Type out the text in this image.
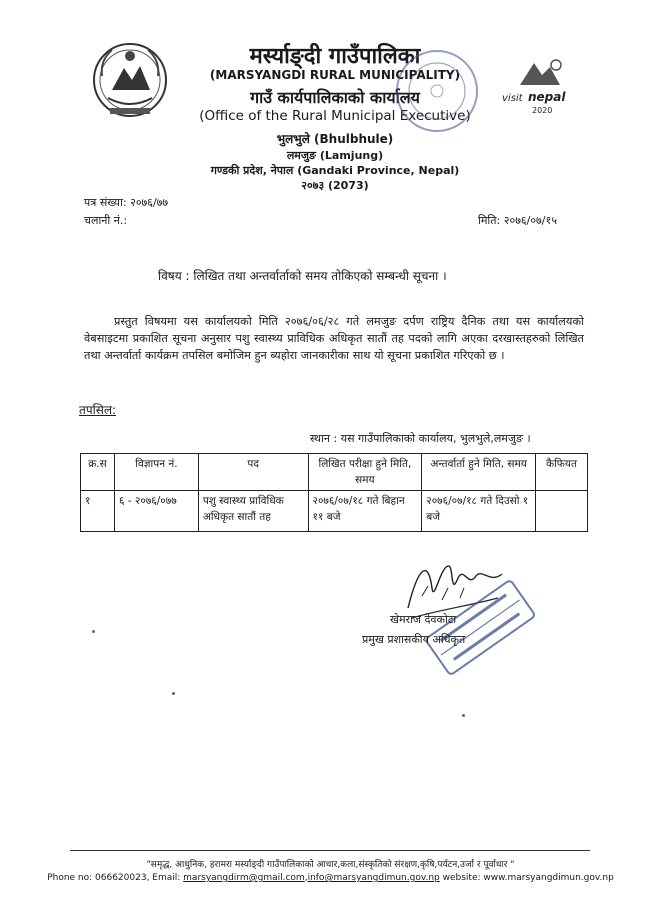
मर्स्याङ्दी गाउँपालिका
(MARSYANGDI RURAL MUNICIPALITY)
गाउँ कार्यपालिकाको कार्यालय
(Office of the Rural Municipal Executive)
भुलभुले (Bhulbhule)
लमजुङ (Lamjung)
गण्डकी प्रदेश, नेपाल (Gandaki Province, Nepal)
२०७३ (2073)
visit nepal
2020
पत्र संख्या: २०७६/७७
चलानी नं.:	मिति: २०७६/०७/१५
विषय : लिखित तथा अन्तर्वार्ताको समय तोकिएको सम्बन्धी सूचना ।
प्रस्तुत विषयमा यस कार्यालयको मिति २०७६/०६/२८ गते लमजुङ दर्पण राष्ट्रिय दैनिक तथा यस कार्यालयको वेबसाइटमा प्रकाशित सूचना अनुसार पशु स्वास्थ्य प्राविधिक अधिकृत सातौं तह पदको लागि अएका दरखास्तहरुको लिखित तथा अन्तर्वार्ता कार्यक्रम तपसिल बमोजिम हुन ब्यहोरा जानकारीका साथ यो सूचना प्रकाशित गरिएको छ ।
तपसिल:
स्थान : यस गाउँपालिकाको कार्यालय, भुलभुले,लमजुङ ।
क्र.स	विज्ञापन नं.	पद	लिखित परीक्षा हुने मिति, समय	अन्तर्वार्ता हुने मिति, समय	कैफियत
१	६ - २०७६/०७७	पशु स्वास्थ्य प्राविधिक अधिकृत सातौं तह	२०७६/०७/१८ गते बिहान ११ बजे	२०७६/०७/१८ गते दिउसो १ बजे	
खेमराज देवकोटा
प्रमुख प्रशासकीय अधिकृत
"समृद्ध, आधुनिक, हरामरा मर्स्याङ्दी गाउँपालिकाको आधार,कला,संस्कृतिको संरक्षण,कृषि,पर्यटन,उर्जा र पूर्वाधार "
Phone no: 066620023, Email: marsyangdirm@gmail.com,info@marsyangdimun.gov.np website: www.marsyangdimun.gov.np
